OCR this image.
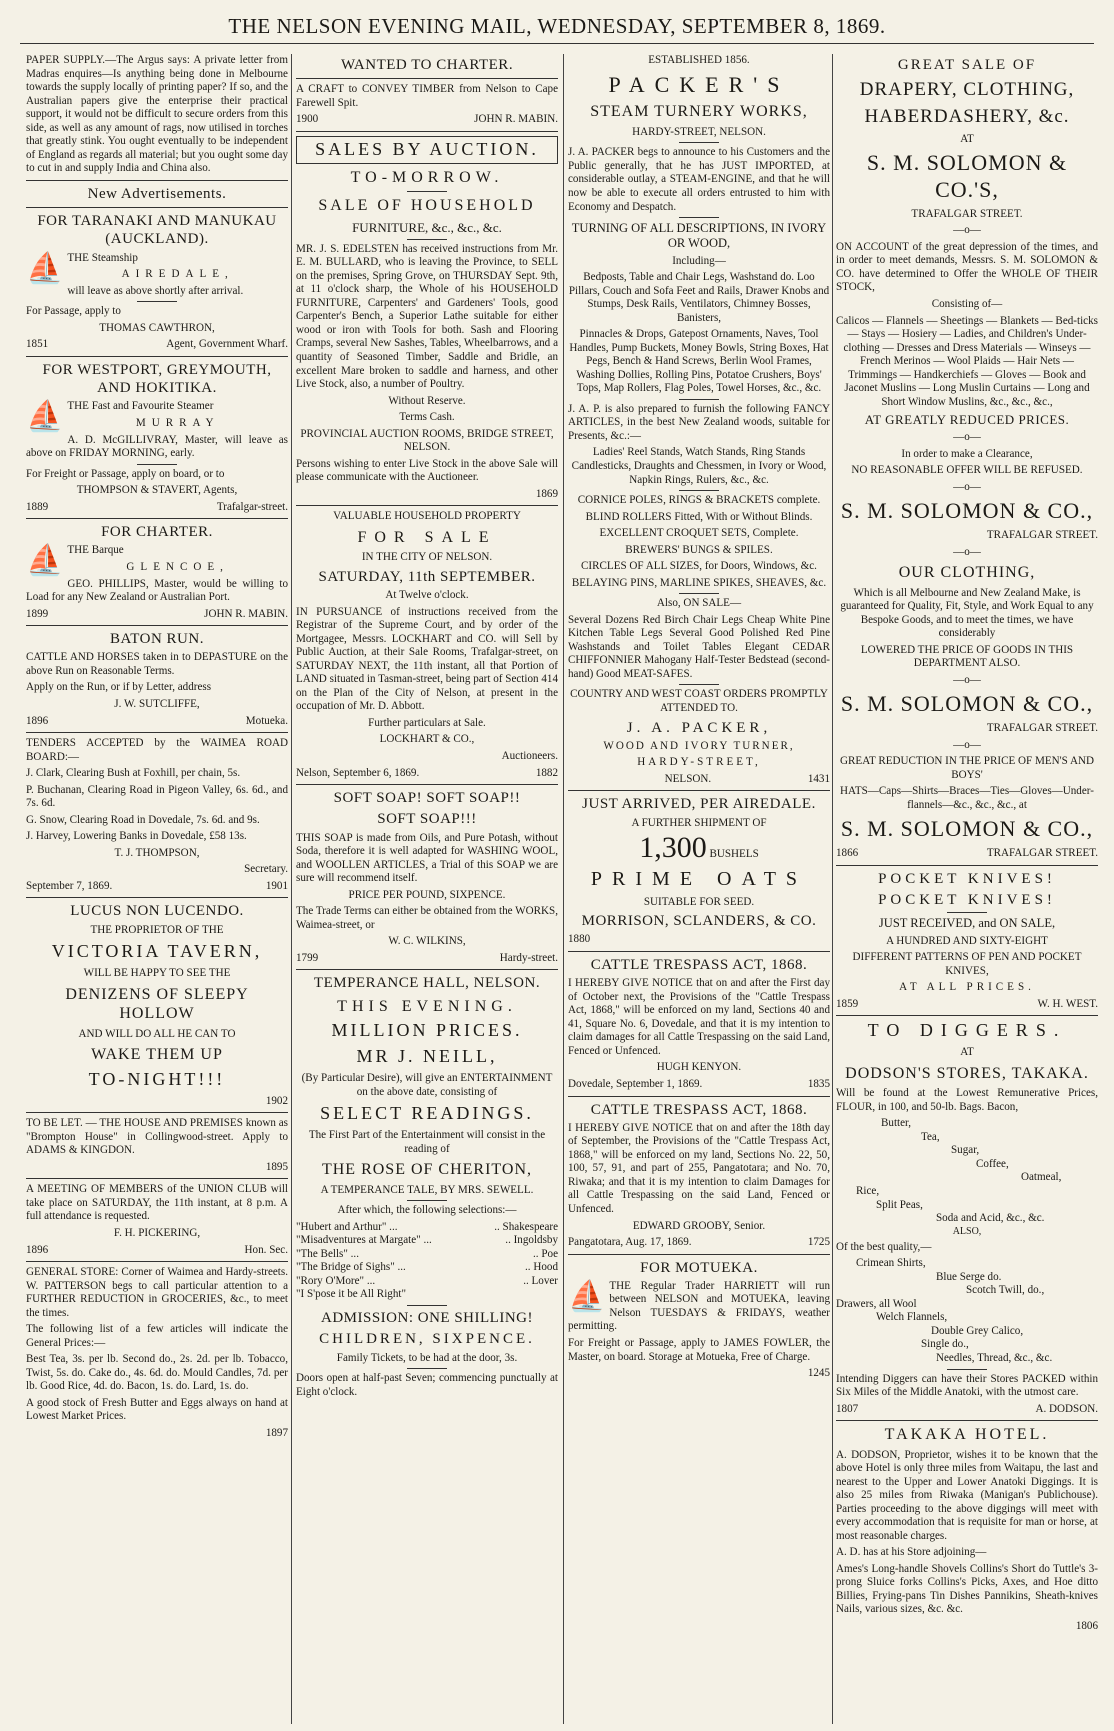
THE NELSON EVENING MAIL, WEDNESDAY, SEPTEMBER 8, 1869.

PAPER SUPPLY.—The Argus says: A private letter from Madras enquires—Is anything being done in Melbourne towards the supply locally of printing paper? If so, and the Australian papers give the enterprise their practical support, it would not be difficult to secure orders from this side, as well as any amount of rags, now utilised in torches that greatly stink. You ought eventually to be independent of England as regards all material; but you ought some day to cut in and supply India and China also.

New Advertisements.
FOR TARANAKI AND MANUKAU (AUCKLAND).
⛵ THE Steamship

AIREDALE,

will leave as above shortly after arrival.

For Passage, apply to

THOMAS CAWTHRON,

1851	Agent, Government Wharf.
FOR WESTPORT, GREYMOUTH, AND HOKITIKA.
⛵ THE Fast and Favourite Steamer

MURRAY

A. D. McGILLIVRAY, Master, will leave as above on FRIDAY MORNING, early.

For Freight or Passage, apply on board, or to

THOMPSON & STAVERT, Agents,

1889	Trafalgar-street.
FOR CHARTER.
⛵ THE Barque

GLENCOE,

GEO. PHILLIPS, Master, would be willing to Load for any New Zealand or Australian Port.

1899	JOHN R. MABIN.
BATON RUN.

CATTLE AND HORSES taken in to DEPASTURE on the above Run on Reasonable Terms.

Apply on the Run, or if by Letter, address

J. W. SUTCLIFFE,

1896	Motueka.

TENDERS ACCEPTED by the WAIMEA ROAD BOARD:—

J. Clark, Clearing Bush at Foxhill, per chain, 5s.

P. Buchanan, Clearing Road in Pigeon Valley, 6s. 6d., and 7s. 6d.

G. Snow, Clearing Road in Dovedale, 7s. 6d. and 9s.

J. Harvey, Lowering Banks in Dovedale, £58 13s.

T. J. THOMPSON,

Secretary.

September 7, 1869.	1901
LUCUS NON LUCENDO.

THE PROPRIETOR OF THE

VICTORIA TAVERN,

WILL BE HAPPY TO SEE THE

DENIZENS OF SLEEPY HOLLOW

AND WILL DO ALL HE CAN TO

WAKE THEM UP

TO-NIGHT!!!

1902

TO BE LET. — THE HOUSE AND PREMISES known as "Brompton House" in Collingwood-street. Apply to ADAMS & KINGDON.

1895

A MEETING OF MEMBERS of the UNION CLUB will take place on SATURDAY, the 11th instant, at 8 p.m. A full attendance is requested.

F. H. PICKERING,

1896	Hon. Sec.

GENERAL STORE: Corner of Waimea and Hardy-streets. W. PATTERSON begs to call particular attention to a FURTHER REDUCTION in GROCERIES, &c., to meet the times.

The following list of a few articles will indicate the General Prices:—

Best Tea, 3s. per lb. Second do., 2s. 2d. per lb. Tobacco, Twist, 5s. do. Cake do., 4s. 6d. do. Mould Candles, 7d. per lb. Good Rice, 4d. do. Bacon, 1s. do. Lard, 1s. do.

A good stock of Fresh Butter and Eggs always on hand at Lowest Market Prices.

1897

WANTED TO CHARTER.

A CRAFT to CONVEY TIMBER from Nelson to Cape Farewell Spit.

1900	JOHN R. MABIN.
SALES BY AUCTION.

TO-MORROW.

SALE OF HOUSEHOLD

FURNITURE, &c., &c., &c.

MR. J. S. EDELSTEN has received instructions from Mr. E. M. BULLARD, who is leaving the Province, to SELL on the premises, Spring Grove, on THURSDAY Sept. 9th, at 11 o'clock sharp, the Whole of his HOUSEHOLD FURNITURE, Carpenters' and Gardeners' Tools, good Carpenter's Bench, a Superior Lathe suitable for either wood or iron with Tools for both. Sash and Flooring Cramps, several New Sashes, Tables, Wheelbarrows, and a quantity of Seasoned Timber, Saddle and Bridle, an excellent Mare broken to saddle and harness, and other Live Stock, also, a number of Poultry.

Without Reserve.

Terms Cash.

PROVINCIAL AUCTION ROOMS, BRIDGE STREET, NELSON.

Persons wishing to enter Live Stock in the above Sale will please communicate with the Auctioneer.

1869

VALUABLE HOUSEHOLD PROPERTY

FOR SALE

IN THE CITY OF NELSON.

SATURDAY, 11th SEPTEMBER.

At Twelve o'clock.

IN PURSUANCE of instructions received from the Registrar of the Supreme Court, and by order of the Mortgagee, Messrs. LOCKHART and CO. will Sell by Public Auction, at their Sale Rooms, Trafalgar-street, on SATURDAY NEXT, the 11th instant, all that Portion of LAND situated in Tasman-street, being part of Section 414 on the Plan of the City of Nelson, at present in the occupation of Mr. D. Abbott.

Further particulars at Sale.

LOCKHART & CO.,

Auctioneers.

Nelson, September 6, 1869.	1882

SOFT SOAP! SOFT SOAP!!

SOFT SOAP!!!

THIS SOAP is made from Oils, and Pure Potash, without Soda, therefore it is well adapted for WASHING WOOL, and WOOLLEN ARTICLES, a Trial of this SOAP we are sure will recommend itself.

PRICE PER POUND, SIXPENCE.

The Trade Terms can either be obtained from the WORKS, Waimea-street, or

W. C. WILKINS,

1799	Hardy-street.

TEMPERANCE HALL, NELSON.

THIS EVENING.

MILLION PRICES.

MR J. NEILL,

(By Particular Desire), will give an ENTERTAINMENT on the above date, consisting of

SELECT READINGS.

The First Part of the Entertainment will consist in the reading of

THE ROSE OF CHERITON,

A TEMPERANCE TALE, BY MRS. SEWELL.

After which, the following selections:—

"Hubert and Arthur" ...	.. Shakespeare
"Misadventures at Margate" ...	.. Ingoldsby
"The Bells" ...	.. Poe
"The Bridge of Sighs" ...	.. Hood
"Rory O'More" ...	.. Lover
"I S'pose it be All Right"

ADMISSION: ONE SHILLING!

CHILDREN, SIXPENCE.

Family Tickets, to be had at the door, 3s.

Doors open at half-past Seven; commencing punctually at Eight o'clock.

ESTABLISHED 1856.

PACKER'S

STEAM TURNERY WORKS,

HARDY-STREET, NELSON.

J. A. PACKER begs to announce to his Customers and the Public generally, that he has JUST IMPORTED, at considerable outlay, a STEAM-ENGINE, and that he will now be able to execute all orders entrusted to him with Economy and Despatch.

TURNING OF ALL DESCRIPTIONS, IN IVORY OR WOOD,

Including—

Bedposts, Table and Chair Legs, Washstand do. Loo Pillars, Couch and Sofa Feet and Rails, Drawer Knobs and Stumps, Desk Rails, Ventilators, Chimney Bosses, Banisters,

Pinnacles & Drops, Gatepost Ornaments, Naves, Tool Handles, Pump Buckets, Money Bowls, String Boxes, Hat Pegs, Bench & Hand Screws, Berlin Wool Frames, Washing Dollies, Rolling Pins, Potatoe Crushers, Boys' Tops, Map Rollers, Flag Poles, Towel Horses, &c., &c.

J. A. P. is also prepared to furnish the following FANCY ARTICLES, in the best New Zealand woods, suitable for Presents, &c.:—

Ladies' Reel Stands, Watch Stands, Ring Stands Candlesticks, Draughts and Chessmen, in Ivory or Wood, Napkin Rings, Rulers, &c., &c.

CORNICE POLES, RINGS & BRACKETS complete.

BLIND ROLLERS Fitted, With or Without Blinds.

EXCELLENT CROQUET SETS, Complete.

BREWERS' BUNGS & SPILES.

CIRCLES OF ALL SIZES, for Doors, Windows, &c.

BELAYING PINS, MARLINE SPIKES, SHEAVES, &c.

Also, ON SALE—

Several Dozens Red Birch Chair Legs Cheap White Pine Kitchen Table Legs Several Good Polished Red Pine Washstands and Toilet Tables Elegant CEDAR CHIFFONNIER Mahogany Half-Tester Bedstead (second-hand) Good MEAT-SAFES.

COUNTRY AND WEST COAST ORDERS PROMPTLY ATTENDED TO.

J. A. PACKER,

WOOD AND IVORY TURNER,

HARDY-STREET,

NELSON.	1431

JUST ARRIVED, PER AIREDALE.

A FURTHER SHIPMENT OF

1,300 BUSHELS

PRIME OATS

SUITABLE FOR SEED.

MORRISON, SCLANDERS, & CO.

1880

CATTLE TRESPASS ACT, 1868.

I HEREBY GIVE NOTICE that on and after the First day of October next, the Provisions of the "Cattle Trespass Act, 1868," will be enforced on my land, Sections 40 and 41, Square No. 6, Dovedale, and that it is my intention to claim damages for all Cattle Trespassing on the said Land, Fenced or Unfenced.

HUGH KENYON.

Dovedale, September 1, 1869.	1835

CATTLE TRESPASS ACT, 1868.

I HEREBY GIVE NOTICE that on and after the 18th day of September, the Provisions of the "Cattle Trespass Act, 1868," will be enforced on my land, Sections No. 22, 50, 100, 57, 91, and part of 255, Pangatotara; and No. 70, Riwaka; and that it is my intention to claim Damages for all Cattle Trespassing on the said Land, Fenced or Unfenced.

EDWARD GROOBY, Senior.

Pangatotara, Aug. 17, 1869.	1725

FOR MOTUEKA.

⛵ THE Regular Trader HARRIETT will run between NELSON and MOTUEKA, leaving Nelson TUESDAYS & FRIDAYS, weather permitting.

For Freight or Passage, apply to JAMES FOWLER, the Master, on board. Storage at Motueka, Free of Charge.

1245

GREAT SALE OF

DRAPERY, CLOTHING,

HABERDASHERY, &c.

AT

S. M. SOLOMON & CO.'S,

TRAFALGAR STREET.

—o—

ON ACCOUNT of the great depression of the times, and in order to meet demands, Messrs. S. M. SOLOMON & CO. have determined to Offer the WHOLE OF THEIR STOCK,

Consisting of—

Calicos — Flannels — Sheetings — Blankets — Bed-ticks — Stays — Hosiery — Ladies, and Children's Under-clothing — Dresses and Dress Materials — Winseys — French Merinos — Wool Plaids — Hair Nets — Trimmings — Handkerchiefs — Gloves — Book and Jaconet Muslins — Long Muslin Curtains — Long and Short Window Muslins, &c., &c., &c.,

AT GREATLY REDUCED PRICES.

—o—

In order to make a Clearance,

NO REASONABLE OFFER WILL BE REFUSED.

—o—

S. M. SOLOMON & CO.,

TRAFALGAR STREET.

—o—

OUR CLOTHING,

Which is all Melbourne and New Zealand Make, is guaranteed for Quality, Fit, Style, and Work Equal to any Bespoke Goods, and to meet the times, we have considerably

LOWERED THE PRICE OF GOODS IN THIS DEPARTMENT ALSO.

—o—

S. M. SOLOMON & CO.,

TRAFALGAR STREET.

—o—

GREAT REDUCTION IN THE PRICE OF MEN'S AND BOYS'

HATS—Caps—Shirts—Braces—Ties—Gloves—Under-flannels—&c., &c., &c., at

S. M. SOLOMON & CO.,

1866	TRAFALGAR STREET.

POCKET KNIVES!

POCKET KNIVES!

JUST RECEIVED, and ON SALE,

A HUNDRED AND SIXTY-EIGHT

DIFFERENT PATTERNS OF PEN AND POCKET KNIVES,

AT ALL PRICES.

1859	W. H. WEST.

TO DIGGERS.

AT

DODSON'S STORES, TAKAKA.

Will be found at the Lowest Remunerative Prices, FLOUR, in 100, and 50-lb. Bags. Bacon,

Butter,

Tea,

Sugar,

Coffee,

Oatmeal,

Rice,

Split Peas,

Soda and Acid, &c., &c.

ALSO,

Of the best quality,—

Crimean Shirts,

Blue Serge do.

Scotch Twill, do.,

Drawers, all Wool

Welch Flannels,

Double Grey Calico,

Single do.,

Needles, Thread, &c., &c.

Intending Diggers can have their Stores PACKED within Six Miles of the Middle Anatoki, with the utmost care.

1807	A. DODSON.

TAKAKA HOTEL.

A. DODSON, Proprietor, wishes it to be known that the above Hotel is only three miles from Waitapu, the last and nearest to the Upper and Lower Anatoki Diggings. It is also 25 miles from Riwaka (Manigan's Publichouse). Parties proceeding to the above diggings will meet with every accommodation that is requisite for man or horse, at most reasonable charges.

A. D. has at his Store adjoining—

Ames's Long-handle Shovels Collins's Short do Tuttle's 3-prong Sluice forks Collins's Picks, Axes, and Hoe ditto Billies, Frying-pans Tin Dishes Pannikins, Sheath-knives Nails, various sizes, &c. &c.

1806
